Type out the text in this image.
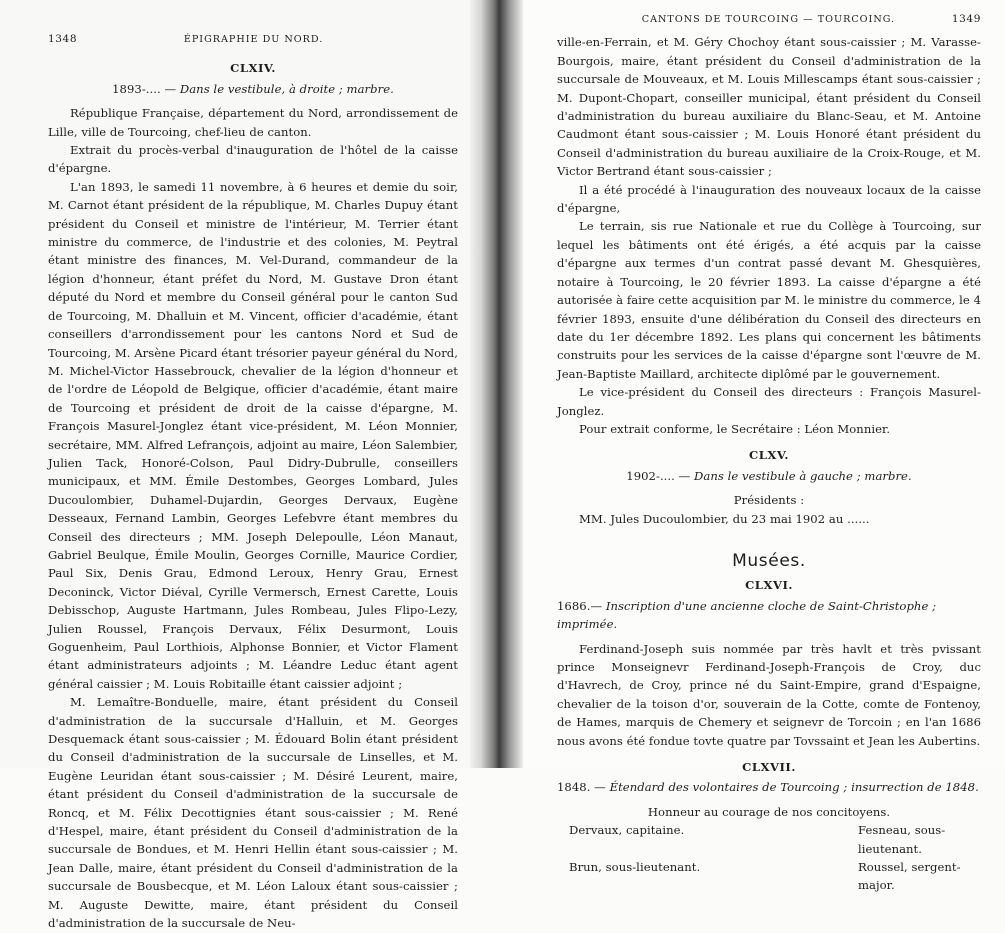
1348	ÉPIGRAPHIE DU NORD.
CLXIV.
1893-.... — Dans le vestibule, à droite ; marbre.

République Française, département du Nord, arrondissement de Lille, ville de Tourcoing, chef-lieu de canton.

Extrait du procès-verbal d'inauguration de l'hôtel de la caisse d'épargne.

L'an 1893, le samedi 11 novembre, à 6 heures et demie du soir, M. Carnot étant président de la république, M. Charles Dupuy étant président du Conseil et ministre de l'intérieur, M. Terrier étant ministre du commerce, de l'industrie et des colonies, M. Peytral étant ministre des finances, M. Vel-Durand, commandeur de la légion d'honneur, étant préfet du Nord, M. Gustave Dron étant député du Nord et membre du Conseil général pour le canton Sud de Tourcoing, M. Dhalluin et M. Vincent, officier d'académie, étant conseillers d'arrondissement pour les cantons Nord et Sud de Tourcoing, M. Arsène Picard étant trésorier payeur général du Nord, M. Michel-Victor Hassebrouck, chevalier de la légion d'honneur et de l'ordre de Léopold de Belgique, officier d'académie, étant maire de Tourcoing et président de droit de la caisse d'épargne, M. François Masurel-Jonglez étant vice-président, M. Léon Monnier, secrétaire, MM. Alfred Lefrançois, adjoint au maire, Léon Salembier, Julien Tack, Honoré-Colson, Paul Didry-Dubrulle, conseillers municipaux, et MM. Émile Destombes, Georges Lombard, Jules Ducoulombier, Duhamel-Dujardin, Georges Dervaux, Eugène Desseaux, Fernand Lambin, Georges Lefebvre étant membres du Conseil des directeurs ; MM. Joseph Delepoulle, Léon Manaut, Gabriel Beulque, Émile Moulin, Georges Cornille, Maurice Cordier, Paul Six, Denis Grau, Edmond Leroux, Henry Grau, Ernest Deconinck, Victor Diéval, Cyrille Vermersch, Ernest Carette, Louis Debisschop, Auguste Hartmann, Jules Rombeau, Jules Flipo-Lezy, Julien Roussel, François Dervaux, Félix Desurmont, Louis Goguenheim, Paul Lorthiois, Alphonse Bonnier, et Victor Flament étant administrateurs adjoints ; M. Léandre Leduc étant agent général caissier ; M. Louis Robitaille étant caissier adjoint ;

M. Lemaître-Bonduelle, maire, étant président du Conseil d'administration de la succursale d'Halluin, et M. Georges Desquemack étant sous-caissier ; M. Édouard Bolin étant président du Conseil d'administration de la succursale de Linselles, et M. Eugène Leuridan étant sous-caissier ; M. Désiré Leurent, maire, étant président du Conseil d'administration de la succursale de Roncq, et M. Félix Decottignies étant sous-caissier ; M. René d'Hespel, maire, étant président du Conseil d'administration de la succursale de Bondues, et M. Henri Hellin étant sous-caissier ; M. Jean Dalle, maire, étant président du Conseil d'administration de la succursale de Bousbecque, et M. Léon Laloux étant sous-caissier ; M. Auguste Dewitte, maire, étant président du Conseil d'administration de la succursale de Neu-

CANTONS DE TOURCOING — TOURCOING.	1349

ville-en-Ferrain, et M. Géry Chochoy étant sous-caissier ; M. Varasse-Bourgois, maire, étant président du Conseil d'administration de la succursale de Mouveaux, et M. Louis Millescamps étant sous-caissier ; M. Dupont-Chopart, conseiller municipal, étant président du Conseil d'administration du bureau auxiliaire du Blanc-Seau, et M. Antoine Caudmont étant sous-caissier ; M. Louis Honoré étant président du Conseil d'administration du bureau auxiliaire de la Croix-Rouge, et M. Victor Bertrand étant sous-caissier ;

Il a été procédé à l'inauguration des nouveaux locaux de la caisse d'épargne,

Le terrain, sis rue Nationale et rue du Collège à Tourcoing, sur lequel les bâtiments ont été érigés, a été acquis par la caisse d'épargne aux termes d'un contrat passé devant M. Ghesquières, notaire à Tourcoing, le 20 février 1893. La caisse d'épargne a été autorisée à faire cette acquisition par M. le ministre du commerce, le 4 février 1893, ensuite d'une délibération du Conseil des directeurs en date du 1er décembre 1892. Les plans qui concernent les bâtiments construits pour les services de la caisse d'épargne sont l'œuvre de M. Jean-Baptiste Maillard, architecte diplômé par le gouvernement.

Le vice-président du Conseil des directeurs : François Masurel-Jonglez.

Pour extrait conforme, le Secrétaire : Léon Monnier.

CLXV.
1902-.... — Dans le vestibule à gauche ; marbre.
Présidents :

MM. Jules Ducoulombier, du 23 mai 1902 au ......

Musées.
CLXVI.
1686.— Inscription d'une ancienne cloche de Saint-Christophe ; imprimée.

Ferdinand-Joseph suis nommée par très havlt et très pvissant prince Monseignevr Ferdinand-Joseph-François de Croy, duc d'Havrech, de Croy, prince né du Saint-Empire, grand d'Espaigne, chevalier de la toison d'or, souverain de la Cotte, comte de Fontenoy, de Hames, marquis de Chemery et seignevr de Torcoin ; en l'an 1686 nous avons été fondue tovte quatre par Tovssaint et Jean les Aubertins.

CLXVII.
1848. — Étendard des volontaires de Tourcoing ; insurrection de 1848.
Honneur au courage de nos concitoyens.
Dervaux, capitaine.	Fesneau, sous-lieutenant.
Brun, sous-lieutenant.	Roussel, sergent-major.
